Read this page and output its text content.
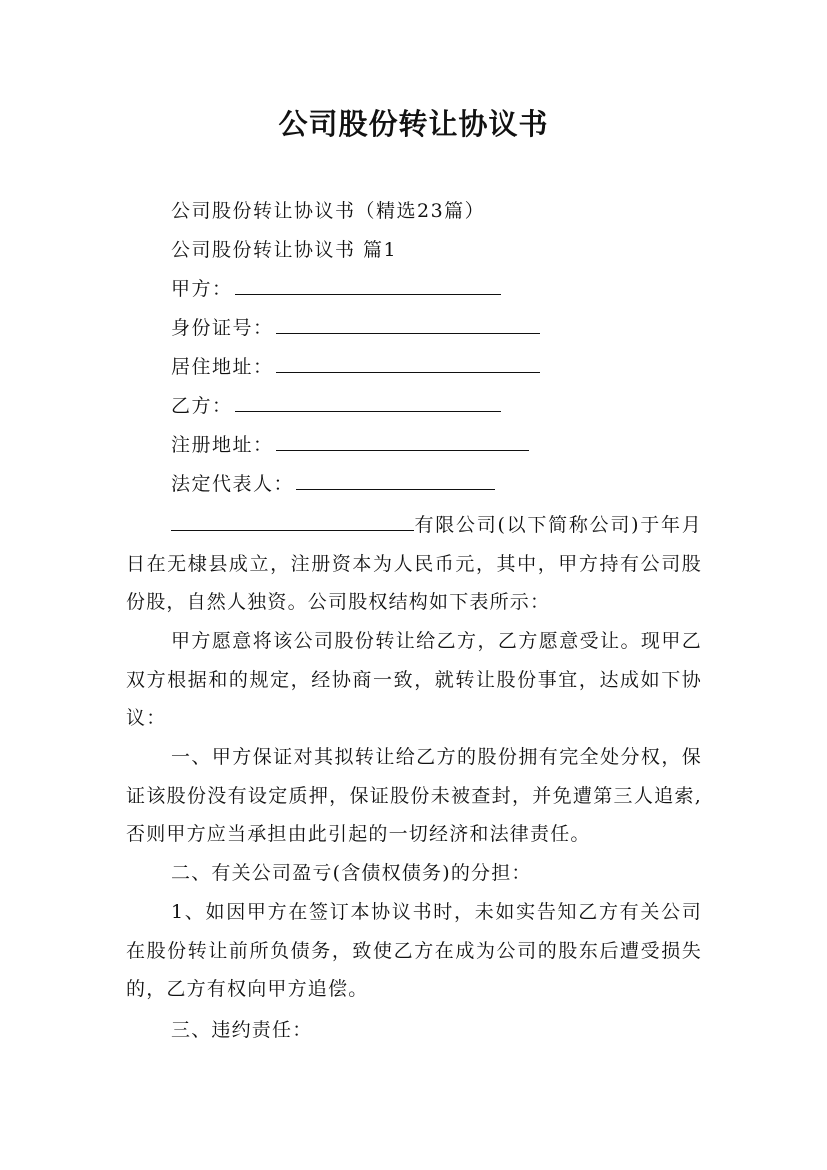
公司股份转让协议书
公司股份转让协议书（精选23篇）
公司股份转让协议书 篇1
甲方：
身份证号：
居住地址：
乙方：
注册地址：
法定代表人：
有限公司(以下简称公司)于年月日在无棣县成立，注册资本为人民币元，其中，甲方持有公司股份股，自然人独资。公司股权结构如下表所示：
甲方愿意将该公司股份转让给乙方，乙方愿意受让。现甲乙双方根据和的规定，经协商一致，就转让股份事宜，达成如下协议：
一、甲方保证对其拟转让给乙方的股份拥有完全处分权，保证该股份没有设定质押，保证股份未被查封，并免遭第三人追索,否则甲方应当承担由此引起的一切经济和法律责任。
二、有关公司盈亏(含债权债务)的分担：
1、如因甲方在签订本协议书时，未如实告知乙方有关公司在股份转让前所负债务，致使乙方在成为公司的股东后遭受损失的，乙方有权向甲方追偿。
三、违约责任：
